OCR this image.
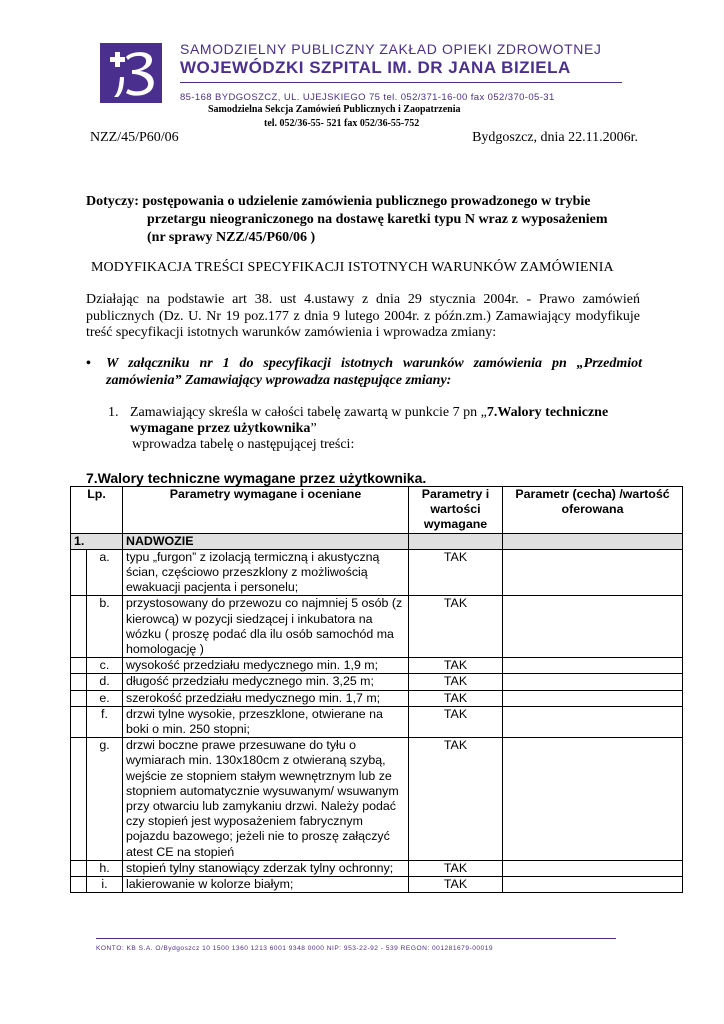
SAMODZIELNY PUBLICZNY ZAKŁAD OPIEKI ZDROWOTNEJ
WOJEWÓDZKI SZPITAL IM. DR JANA BIZIELA
85-168 BYDGOSZCZ, UL. UJEJSKIEGO 75 tel. 052/371-16-00 fax 052/370-05-31
Samodzielna Sekcja Zamówień Publicznych i Zaopatrzenia
tel. 052/36-55- 521 fax 052/36-55-752
NZZ/45/P60/06	Bydgoszcz, dnia 22.11.2006r.
Dotyczy: postępowania o udzielenie zamówienia publicznego prowadzonego w trybie
przetargu nieograniczonego na dostawę karetki typu N wraz z wyposażeniem
(nr sprawy NZZ/45/P60/06 )
MODYFIKACJA TREŚCI SPECYFIKACJI ISTOTNYCH WARUNKÓW ZAMÓWIENIA
Działając na podstawie art 38. ust 4.ustawy z dnia 29 stycznia 2004r. - Prawo zamówień publicznych (Dz. U. Nr 19 poz.177 z dnia 9 lutego 2004r. z późn.zm.) Zamawiający modyfikuje treść specyfikacji istotnych warunków zamówienia i wprowadza zmiany:
•	W załączniku nr 1 do specyfikacji istotnych warunków zamówienia pn „Przedmiot zamówienia” Zamawiający wprowadza następujące zmiany:
1. Zamawiający skreśla w całości tabelę zawartą w punkcie 7 pn „7.Walory techniczne wymagane przez użytkownika”
wprowadza tabelę o następującej treści:
7.Walory techniczne wymagane przez użytkownika.
Lp.		Parametry wymagane i oceniane	Parametry i wartości wymagane	Parametr (cecha) /wartość oferowana
1.		NADWOZIE		
	a.	typu „furgon” z izolacją termiczną i akustyczną ścian, częściowo przeszklony z możliwością ewakuacji pacjenta i personelu;	TAK	
	b.	przystosowany do przewozu co najmniej 5 osób (z kierowcą) w pozycji siedzącej i inkubatora na wózku ( proszę podać dla ilu osób samochód ma homologację )	TAK	
	c.	wysokość przedziału medycznego min. 1,9 m;	TAK	
	d.	długość przedziału medycznego min. 3,25 m;	TAK	
	e.	szerokość przedziału medycznego min. 1,7 m;	TAK	
	f.	drzwi tylne wysokie, przeszklone, otwierane na boki o min. 250 stopni;	TAK	
	g.	drzwi boczne prawe przesuwane do tyłu o wymiarach min. 130x180cm z otwieraną szybą, wejście ze stopniem stałym wewnętrznym lub ze stopniem automatycznie wysuwanym/ wsuwanym przy otwarciu lub zamykaniu drzwi. Należy podać czy stopień jest wyposażeniem fabrycznym pojazdu bazowego; jeżeli nie to proszę załączyć atest CE na stopień	TAK	
	h.	stopień tylny stanowiący zderzak tylny ochronny;	TAK	
	i.	lakierowanie w kolorze białym;	TAK	
KONTO: KB S.A. O/Bydgoszcz 10 1500 1360 1213 6001 9348 0000 NIP: 953-22-92 - 539 REGON: 001281679-00019
